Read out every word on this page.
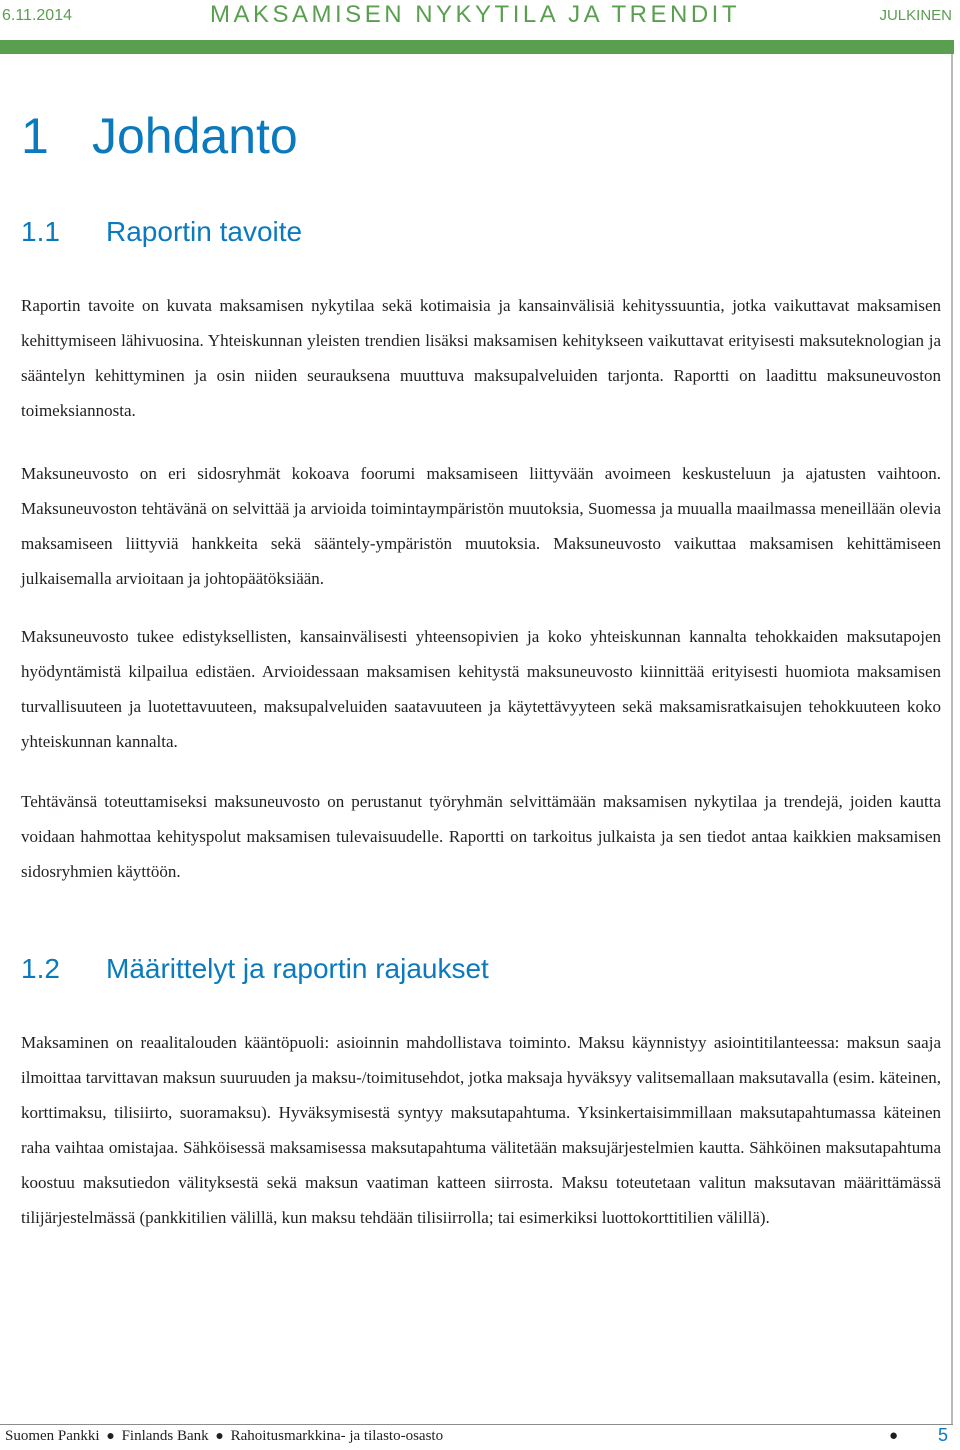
6.11.2014	MAKSAMISEN NYKYTILA JA TRENDIT	JULKINEN
1 Johdanto
1.1 Raportin tavoite

Raportin tavoite on kuvata maksamisen nykytilaa sekä kotimaisia ja kansainvälisiä kehityssuuntia, jotka vaikuttavat maksamisen kehittymiseen lähivuosina. Yhteiskunnan yleisten trendien lisäksi maksamisen kehitykseen vaikuttavat erityisesti maksuteknologian ja sääntelyn kehittyminen ja osin niiden seurauksena muuttuva maksupalveluiden tarjonta. Raportti on laadittu maksuneuvoston toimeksiannosta.

Maksuneuvosto on eri sidosryhmät kokoava foorumi maksamiseen liittyvään avoimeen keskusteluun ja ajatusten vaihtoon. Maksuneuvoston tehtävänä on selvittää ja arvioida toimintaympäristön muutoksia, Suomessa ja muualla maailmassa meneillään olevia maksamiseen liittyviä hankkeita sekä sääntely-ympäristön muutoksia. Maksuneuvosto vaikuttaa maksamisen kehittämiseen julkaisemalla arvioitaan ja johtopäätöksiään.

Maksuneuvosto tukee edistyksellisten, kansainvälisesti yhteensopivien ja koko yhteiskunnan kannalta tehokkaiden maksutapojen hyödyntämistä kilpailua edistäen. Arvioidessaan maksamisen kehitystä maksuneuvosto kiinnittää erityisesti huomiota maksamisen turvallisuuteen ja luotettavuuteen, maksupalveluiden saatavuuteen ja käytettävyyteen sekä maksamisratkaisujen tehokkuuteen koko yhteiskunnan kannalta.

Tehtävänsä toteuttamiseksi maksuneuvosto on perustanut työryhmän selvittämään maksamisen nykytilaa ja trendejä, joiden kautta voidaan hahmottaa kehityspolut maksamisen tulevaisuudelle. Raportti on tarkoitus julkaista ja sen tiedot antaa kaikkien maksamisen sidosryhmien käyttöön.

1.2 Määrittelyt ja raportin rajaukset

Maksaminen on reaalitalouden kääntöpuoli: asioinnin mahdollistava toiminto. Maksu käynnistyy asiointitilanteessa: maksun saaja ilmoittaa tarvittavan maksun suuruuden ja maksu-/toimitusehdot, jotka maksaja hyväksyy valitsemallaan maksutavalla (esim. käteinen, korttimaksu, tilisiirto, suoramaksu). Hyväksymisestä syntyy maksutapahtuma. Yksinkertaisimmillaan maksutapahtumassa käteinen raha vaihtaa omistajaa. Sähköisessä maksamisessa maksutapahtuma välitetään maksujärjestelmien kautta. Sähköinen maksutapahtuma koostuu maksutiedon välityksestä sekä maksun vaatiman katteen siirrosta. Maksu toteutetaan valitun maksutavan määrittämässä tilijärjestelmässä (pankkitilien välillä, kun maksu tehdään tilisiirrolla; tai esimerkiksi luottokorttitilien välillä).

Suomen Pankki ● Finlands Bank ● Rahoitusmarkkina- ja tilasto-osasto	● 5
